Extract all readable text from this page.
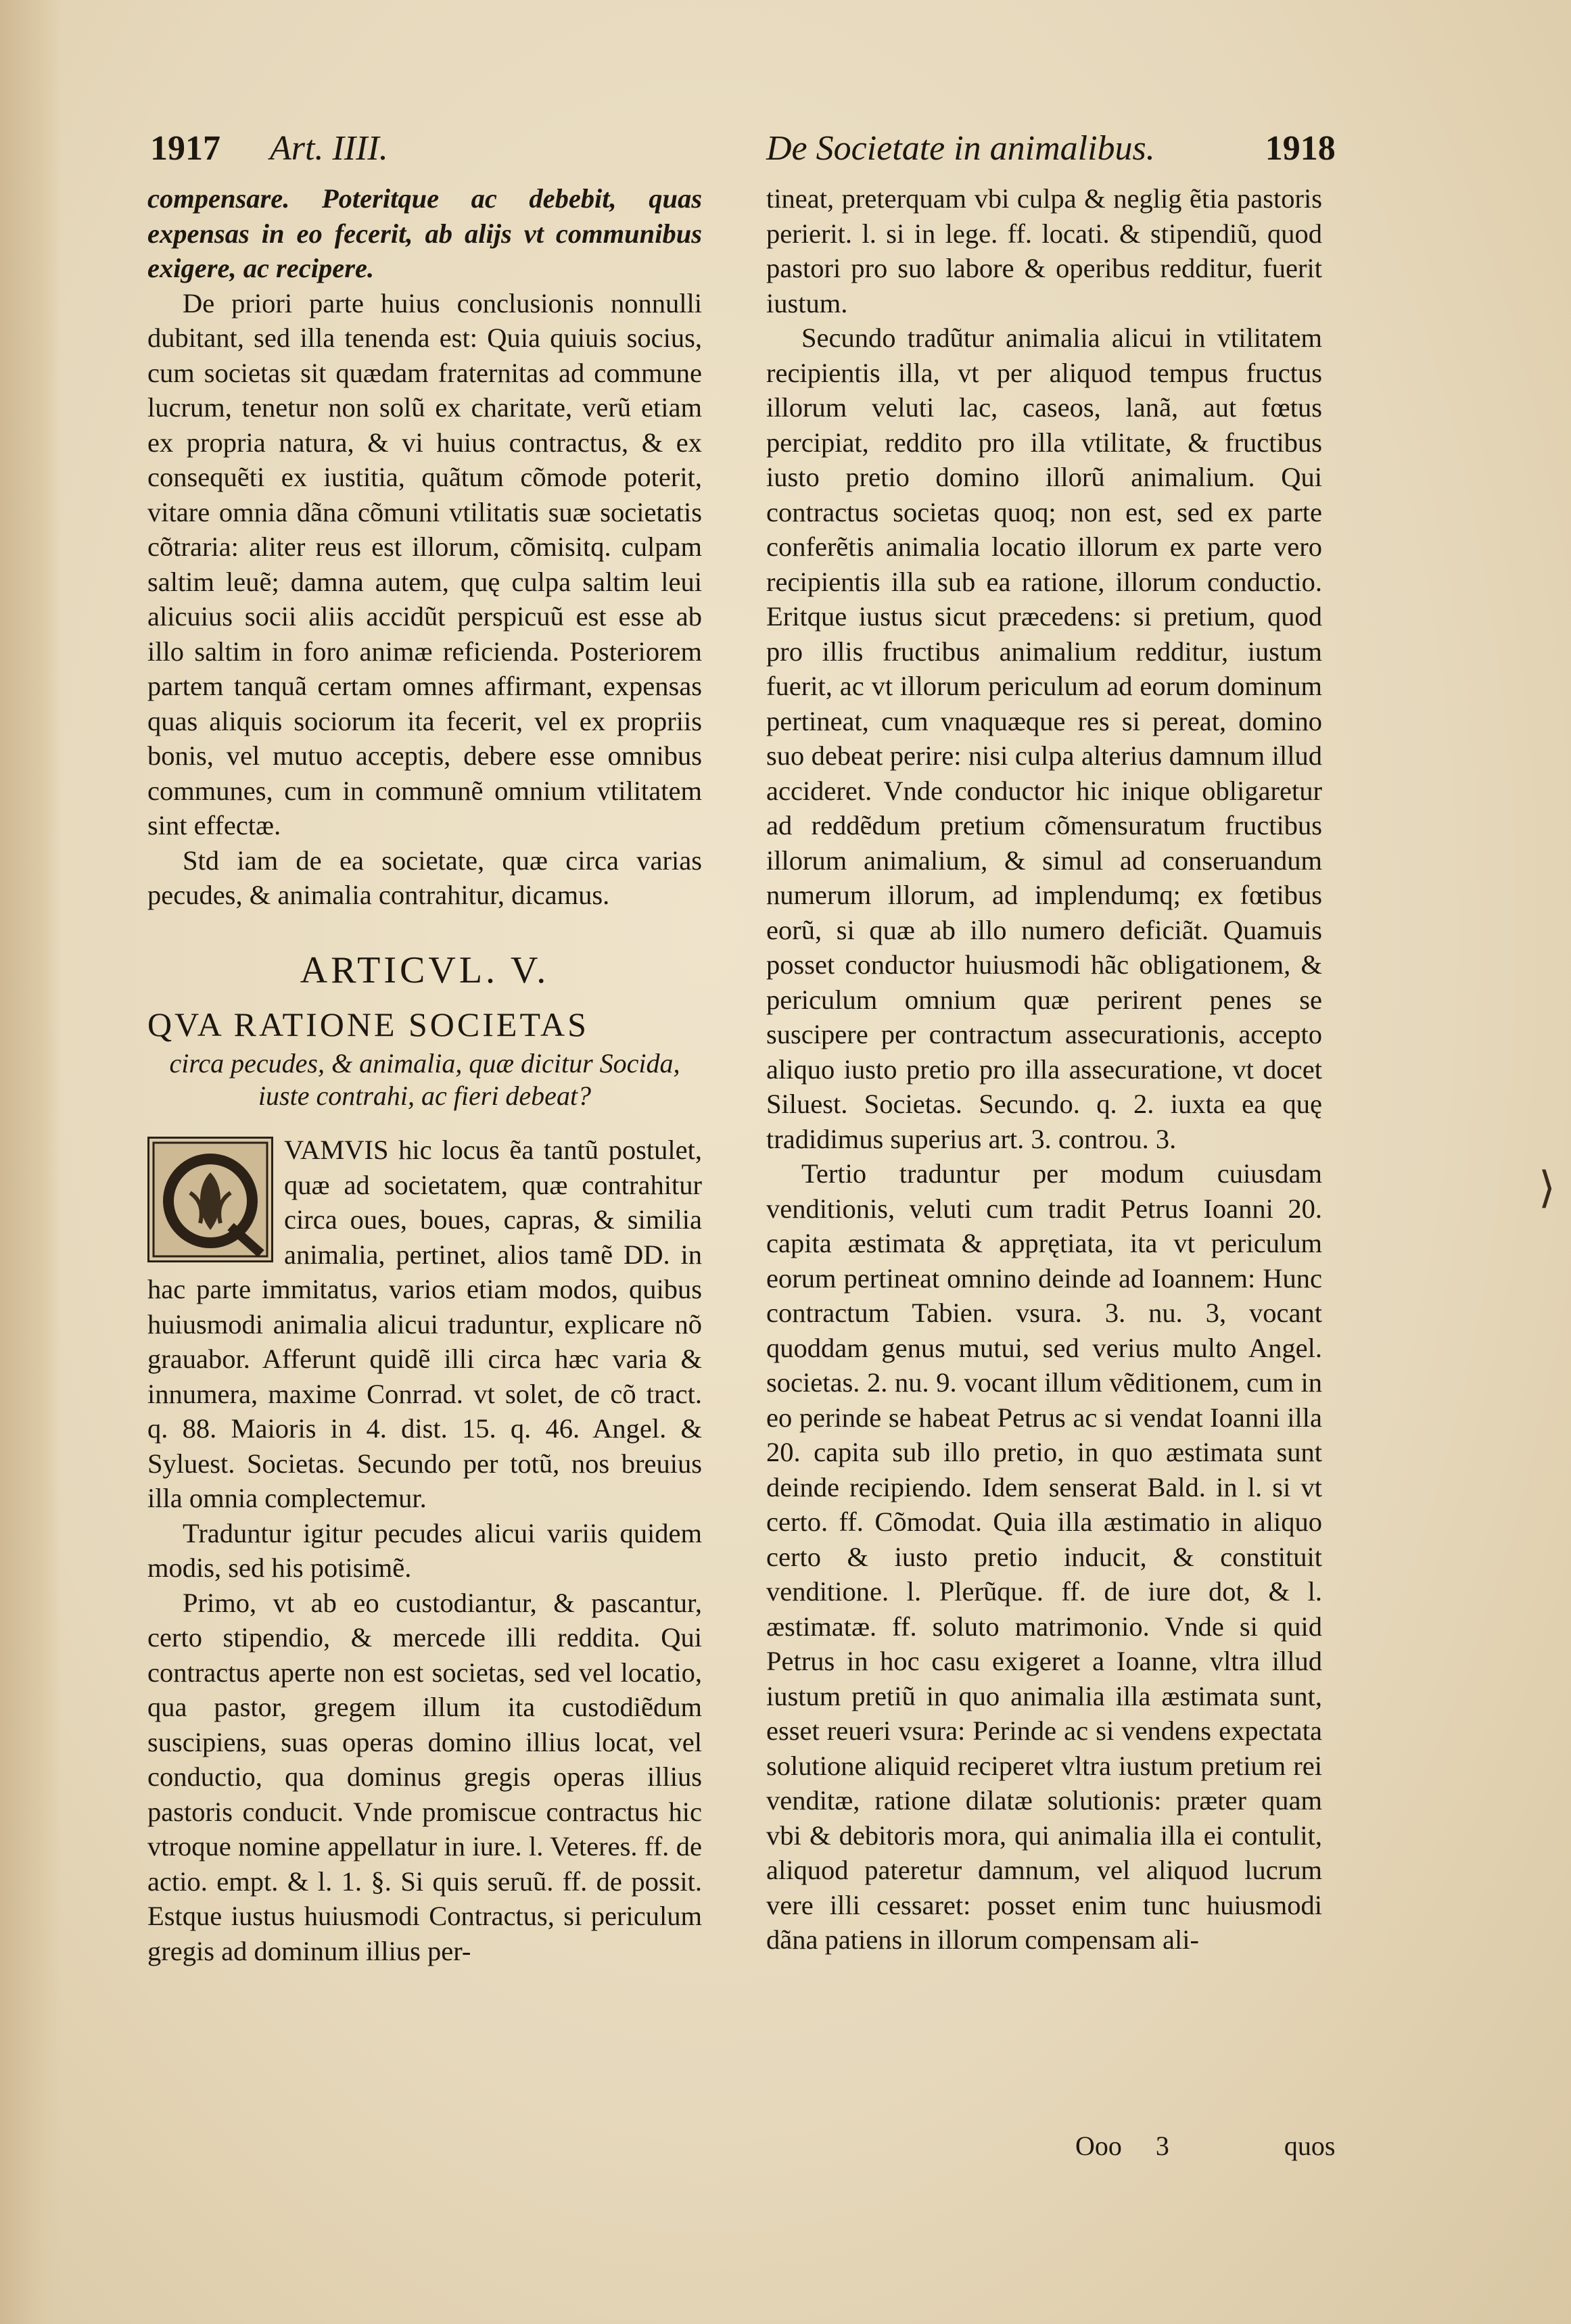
1917 Art. IIII.	De Societate in animalibus.	1918

compensare. Poteritque ac debebit, quas expensas in eo fecerit, ab alijs vt communibus exigere, ac recipere.

De priori parte huius conclusionis nonnulli dubitant, sed illa tenenda est: Quia quiuis socius, cum societas sit quædam fraternitas ad commune lucrum, tenetur non solũ ex charitate, verũ etiam ex propria natura, & vi huius contractus, & ex consequẽti ex iustitia, quãtum cõmode poterit, vitare omnia dãna cõmuni vtilitatis suæ societatis cõtraria: aliter reus est illorum, cõmisitq. culpam saltim leuẽ; damna autem, quę culpa saltim leui alicuius socii aliis accidũt perspicuũ est esse ab illo saltim in foro animæ reficienda. Posteriorem partem tanquã certam omnes affirmant, expensas quas aliquis sociorum ita fecerit, vel ex propriis bonis, vel mutuo acceptis, debere esse omnibus communes, cum in communẽ omnium vtilitatem sint effectæ.

Std iam de ea societate, quæ circa varias pecudes, & animalia contrahitur, dicamus.

ARTICVL. V.

QVA RATIONE SOCIETAS

circa pecudes, & animalia, quæ dicitur Socida, iuste contrahi, ac fieri debeat?

VAMVIS hic locus ẽa tantũ postulet, quæ ad societatem, quæ contrahitur circa oues, boues, capras, & similia animalia, pertinet, alios tamẽ DD. in hac parte immitatus, varios etiam modos, quibus huiusmodi animalia alicui traduntur, explicare nõ grauabor. Afferunt quidẽ illi circa hæc varia & innumera, maxime Conrrad. vt solet, de cõ tract. q. 88. Maioris in 4. dist. 15. q. 46. Angel. & Syluest. Societas. Secundo per totũ, nos breuius illa omnia complectemur.

Traduntur igitur pecudes alicui variis quidem modis, sed his potisimẽ.

Primo, vt ab eo custodiantur, & pascantur, certo stipendio, & mercede illi reddita. Qui contractus aperte non est societas, sed vel locatio, qua pastor, gregem illum ita custodiẽdum suscipiens, suas operas domino illius locat, vel conductio, qua dominus gregis operas illius pastoris conducit. Vnde promiscue contractus hic vtroque nomine appellatur in iure. l. Veteres. ff. de actio. empt. & l. 1. §. Si quis seruũ. ff. de possit. Estque iustus huiusmodi Contractus, si periculum gregis ad dominum illius per-

tineat, preterquam vbi culpa & neglig ẽtia pastoris perierit. l. si in lege. ff. locati. & stipendiũ, quod pastori pro suo labore & operibus redditur, fuerit iustum.

Secundo tradũtur animalia alicui in vtilitatem recipientis illa, vt per aliquod tempus fructus illorum veluti lac, caseos, lanã, aut fœtus percipiat, reddito pro illa vtilitate, & fructibus iusto pretio domino illorũ animalium. Qui contractus societas quoq; non est, sed ex parte conferẽtis animalia locatio illorum ex parte vero recipientis illa sub ea ratione, illorum conductio. Eritque iustus sicut præcedens: si pretium, quod pro illis fructibus animalium redditur, iustum fuerit, ac vt illorum periculum ad eorum dominum pertineat, cum vnaquæque res si pereat, domino suo debeat perire: nisi culpa alterius damnum illud accideret. Vnde conductor hic inique obligaretur ad reddẽdum pretium cõmensuratum fructibus illorum animalium, & simul ad conseruandum numerum illorum, ad implendumq; ex fœtibus eorũ, si quæ ab illo numero deficiãt. Quamuis posset conductor huiusmodi hãc obligationem, & periculum omnium quæ perirent penes se suscipere per contractum assecurationis, accepto aliquo iusto pretio pro illa assecuratione, vt docet Siluest. Societas. Secundo. q. 2. iuxta ea quę tradidimus superius art. 3. controu. 3.

Tertio traduntur per modum cuiusdam venditionis, veluti cum tradit Petrus Ioanni 20. capita æstimata & apprętiata, ita vt periculum eorum pertineat omnino deinde ad Ioannem: Hunc contractum Tabien. vsura. 3. nu. 3, vocant quoddam genus mutui, sed verius multo Angel. societas. 2. nu. 9. vocant illum vẽditionem, cum in eo perinde se habeat Petrus ac si vendat Ioanni illa 20. capita sub illo pretio, in quo æstimata sunt deinde recipiendo. Idem senserat Bald. in l. si vt certo. ff. Cõmodat. Quia illa æstimatio in aliquo certo & iusto pretio inducit, & constituit venditione. l. Plerũque. ff. de iure dot, & l. æstimatæ. ff. soluto matrimonio. Vnde si quid Petrus in hoc casu exigeret a Ioanne, vltra illud iustum pretiũ in quo animalia illa æstimata sunt, esset reueri vsura: Perinde ac si vendens expectata solutione aliquid reciperet vltra iustum pretium rei venditæ, ratione dilatæ solutionis: præter quam vbi & debitoris mora, qui animalia illa ei contulit, aliquod pateretur damnum, vel aliquod lucrum vere illi cessaret: posset enim tunc huiusmodi dãna patiens in illorum compensam ali-

⟩
Ooo 3	quos
